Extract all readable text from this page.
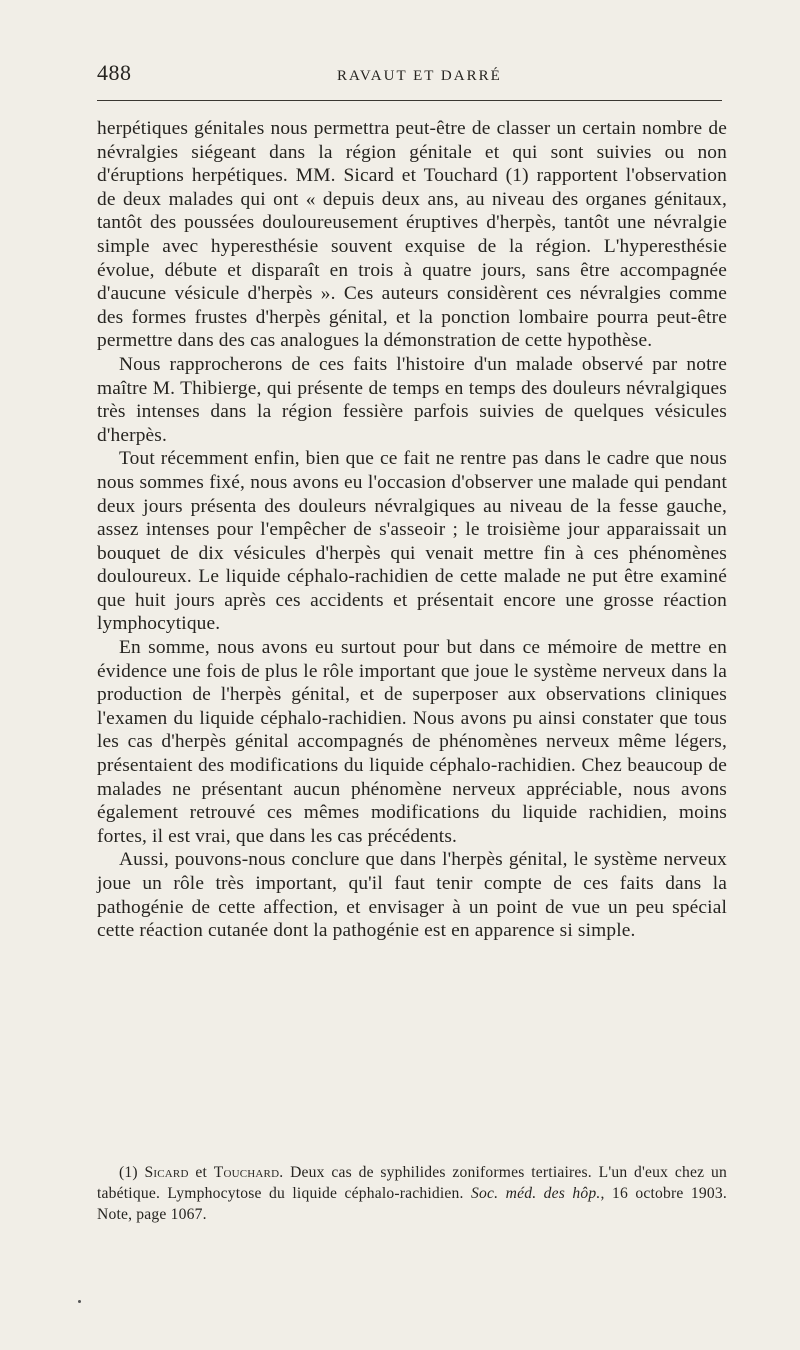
488	RAVAUT ET DARRÉ

herpétiques génitales nous permettra peut-être de classer un certain nombre de névralgies siégeant dans la région génitale et qui sont suivies ou non d'éruptions herpétiques. MM. Sicard et Touchard (1) rapportent l'observation de deux malades qui ont « depuis deux ans, au niveau des organes génitaux, tantôt des poussées douloureusement éruptives d'herpès, tantôt une névralgie simple avec hyperesthésie souvent exquise de la région. L'hyperesthésie évolue, débute et disparaît en trois à quatre jours, sans être accompagnée d'aucune vésicule d'herpès ». Ces auteurs considèrent ces névralgies comme des formes frustes d'herpès génital, et la ponction lombaire pourra peut-être permettre dans des cas analogues la démonstration de cette hypothèse.

Nous rapprocherons de ces faits l'histoire d'un malade observé par notre maître M. Thibierge, qui présente de temps en temps des douleurs névralgiques très intenses dans la région fessière parfois suivies de quelques vésicules d'herpès.

Tout récemment enfin, bien que ce fait ne rentre pas dans le cadre que nous nous sommes fixé, nous avons eu l'occasion d'observer une malade qui pendant deux jours présenta des douleurs névralgiques au niveau de la fesse gauche, assez intenses pour l'empêcher de s'asseoir ; le troisième jour apparaissait un bouquet de dix vésicules d'herpès qui venait mettre fin à ces phénomènes douloureux. Le liquide céphalo-rachidien de cette malade ne put être examiné que huit jours après ces accidents et présentait encore une grosse réaction lymphocytique.

En somme, nous avons eu surtout pour but dans ce mémoire de mettre en évidence une fois de plus le rôle important que joue le système nerveux dans la production de l'herpès génital, et de superposer aux observations cliniques l'examen du liquide céphalo-rachidien. Nous avons pu ainsi constater que tous les cas d'herpès génital accompagnés de phénomènes nerveux même légers, présentaient des modifications du liquide céphalo-rachidien. Chez beaucoup de malades ne présentant aucun phénomène nerveux appréciable, nous avons également retrouvé ces mêmes modifications du liquide rachidien, moins fortes, il est vrai, que dans les cas précédents.

Aussi, pouvons-nous conclure que dans l'herpès génital, le système nerveux joue un rôle très important, qu'il faut tenir compte de ces faits dans la pathogénie de cette affection, et envisager à un point de vue un peu spécial cette réaction cutanée dont la pathogénie est en apparence si simple.

(1) Sicard et Touchard. Deux cas de syphilides zoniformes tertiaires. L'un d'eux chez un tabétique. Lymphocytose du liquide céphalo-rachidien. Soc. méd. des hôp., 16 octobre 1903. Note, page 1067.
